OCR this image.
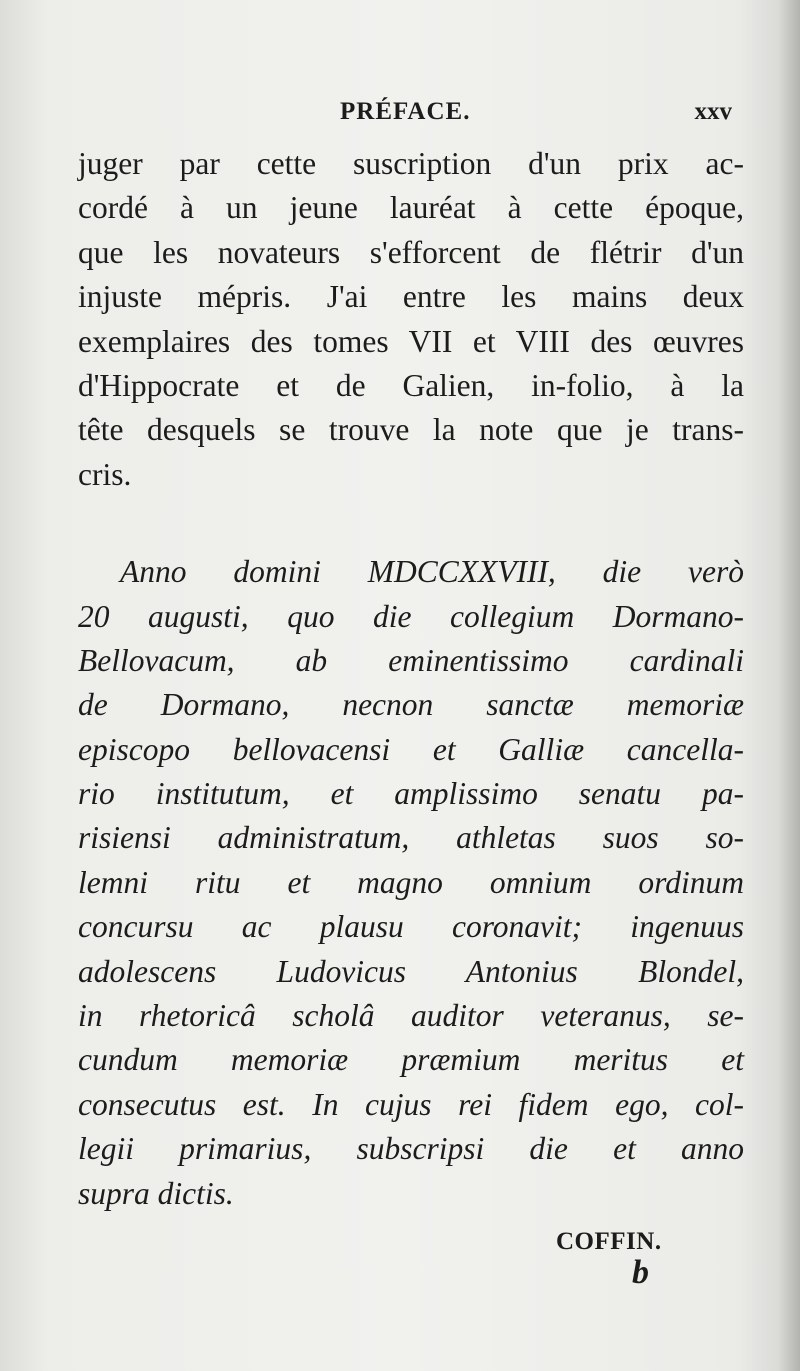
PRÉFACE.	xxv
juger par cette suscription d'un prix ac-
cordé à un jeune lauréat à cette époque,
que les novateurs s'efforcent de flétrir d'un
injuste mépris. J'ai entre les mains deux
exemplaires des tomes VII et VIII des œuvres
d'Hippocrate et de Galien, in-folio, à la
tête desquels se trouve la note que je trans-
cris.
Anno domini MDCCXXVIII, die verò
20 augusti, quo die collegium Dormano-
Bellovacum, ab eminentissimo cardinali
de Dormano, necnon sanctæ memoriæ
episcopo bellovacensi et Galliæ cancella-
rio institutum, et amplissimo senatu pa-
risiensi administratum, athletas suos so-
lemni ritu et magno omnium ordinum
concursu ac plausu coronavit; ingenuus
adolescens Ludovicus Antonius Blondel,
in rhetoricâ scholâ auditor veteranus, se-
cundum memoriæ præmium meritus et
consecutus est. In cujus rei fidem ego, col-
legii primarius, subscripsi die et anno
supra dictis.
COFFIN.
b
